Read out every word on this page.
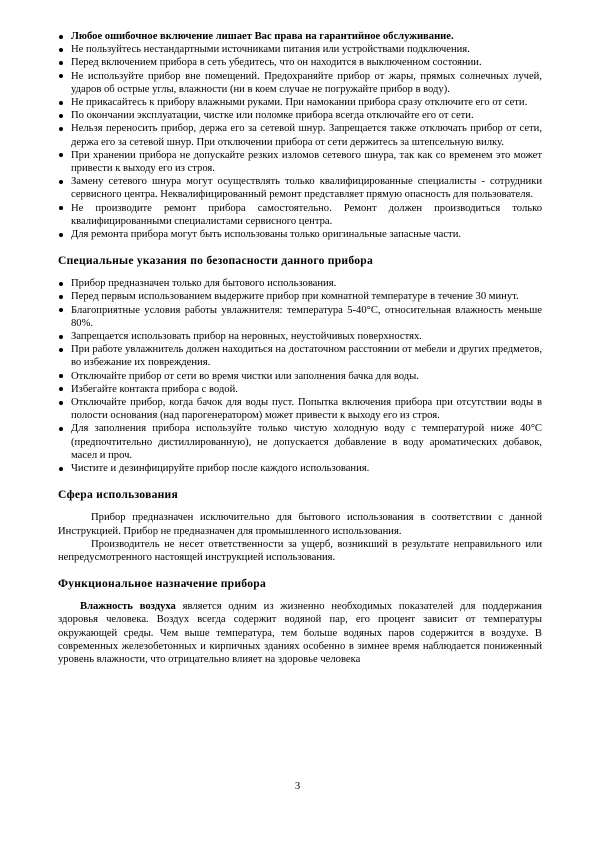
Любое ошибочное включение лишает Вас права на гарантийное обслуживание.
Не пользуйтесь нестандартными источниками питания или устройствами подключения.
Перед включением прибора в сеть убедитесь, что он находится в выключенном состоянии.
Не используйте прибор вне помещений. Предохраняйте прибор от жары, прямых солнечных лучей, ударов об острые углы, влажности (ни в коем случае не погружайте прибор в воду).
Не прикасайтесь к прибору влажными руками. При намокании прибора сразу отключите его от сети.
По окончании эксплуатации, чистке или поломке прибора всегда отключайте его от сети.
Нельзя переносить прибор, держа его за сетевой шнур. Запрещается также отключать прибор от сети, держа его за сетевой шнур. При отключении прибора от сети держитесь за штепсельную вилку.
При хранении прибора не допускайте резких изломов сетевого шнура, так как со временем это может привести к выходу его из строя.
Замену сетевого шнура могут осуществлять только квалифицированные специалисты - сотрудники сервисного центра. Неквалифицированный ремонт представляет прямую опасность для пользователя.
Не производите ремонт прибора самостоятельно. Ремонт должен производиться только квалифицированными специалистами сервисного центра.
Для ремонта прибора могут быть использованы только оригинальные запасные части.
Специальные указания по безопасности данного прибора
Прибор предназначен только для бытового использования.
Перед первым использованием выдержите прибор при комнатной температуре в течение 30 минут.
Благоприятные условия работы увлажнителя: температура 5-40°С, относительная влажность меньше 80%.
Запрещается использовать прибор на неровных, неустойчивых поверхностях.
При работе увлажнитель должен находиться на достаточном расстоянии от мебели и других предметов, во избежание их повреждения.
Отключайте прибор от сети во время чистки или заполнения бачка для воды.
Избегайте контакта прибора с водой.
Отключайте прибор, когда бачок для воды пуст. Попытка включения прибора при отсутствии воды в полости основания (над парогенератором) может привести к выходу его из строя.
Для заполнения прибора используйте только чистую холодную воду с температурой ниже 40°С (предпочтительно дистиллированную), не допускается добавление в воду ароматических добавок, масел и проч.
Чистите и дезинфицируйте прибор после каждого использования.
Сфера использования

Прибор предназначен исключительно для бытового использования в соответствии с данной Инструкцией. Прибор не предназначен для промышленного использования.

Производитель не несет ответственности за ущерб, возникший в результате неправильного или непредусмотренного настоящей инструкцией использования.

Функциональное назначение прибора

Влажность воздуха является одним из жизненно необходимых показателей для поддержания здоровья человека. Воздух всегда содержит водяной пар, его процент зависит от температуры окружающей среды. Чем выше температура, тем больше водяных паров содержится в воздухе. В современных железобетонных и кирпичных зданиях особенно в зимнее время наблюдается пониженный уровень влажности, что отрицательно влияет на здоровье человека

3
